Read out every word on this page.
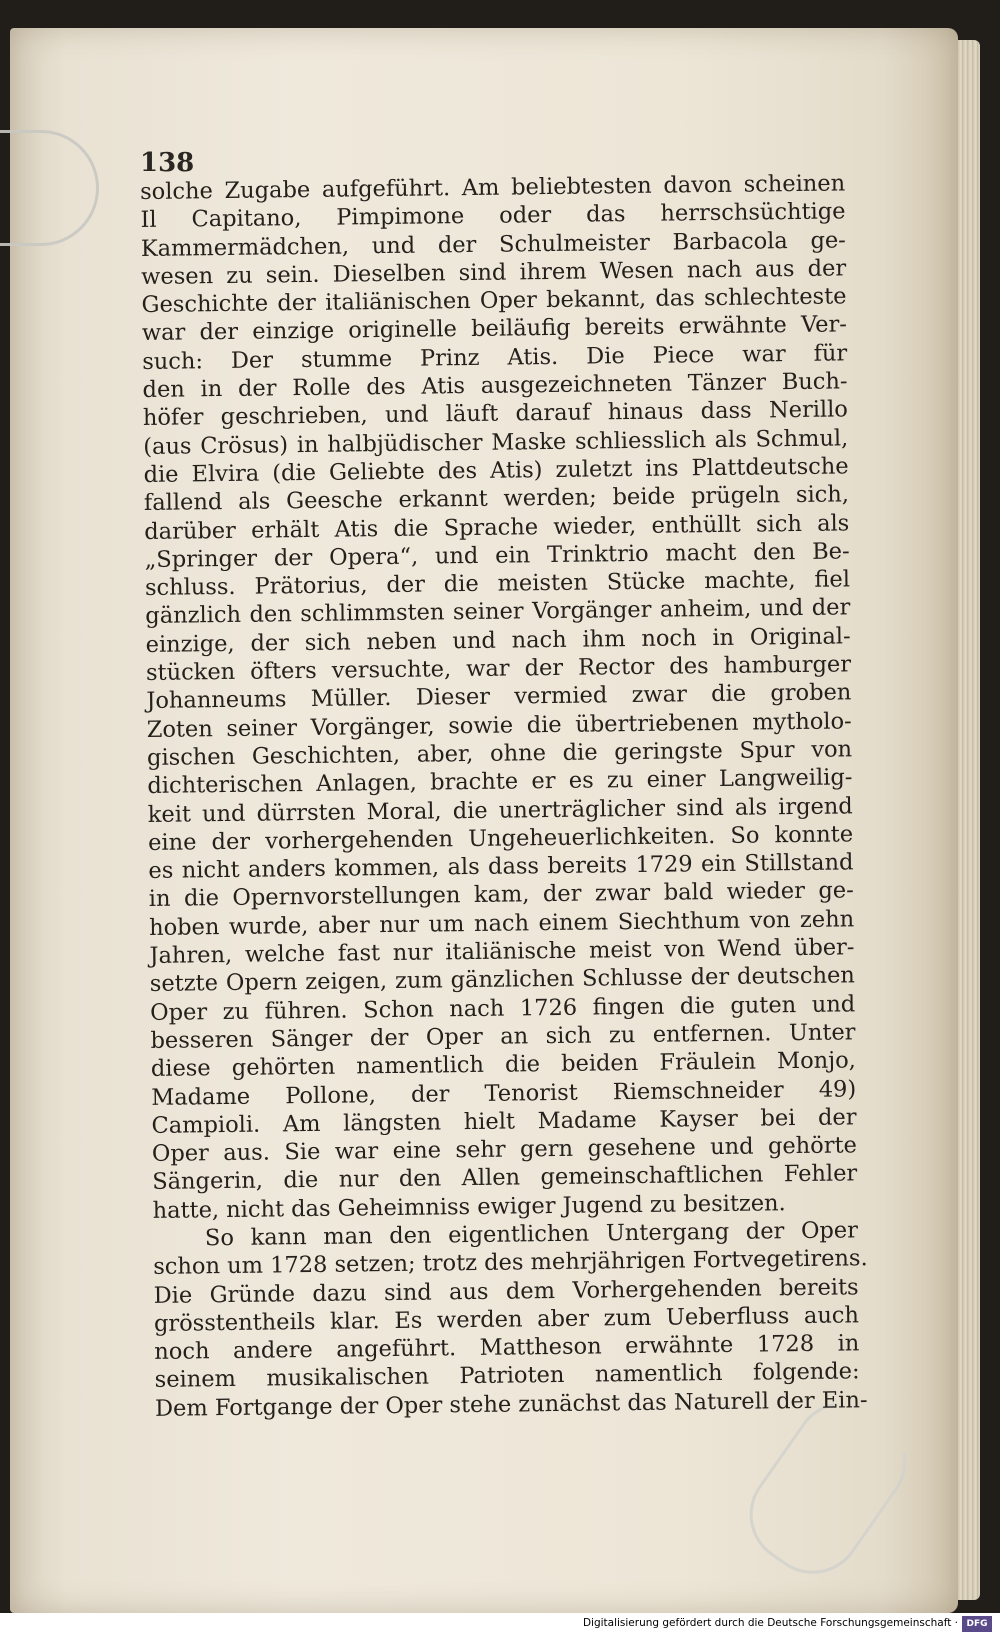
138
solche Zugabe aufgeführt. Am beliebtesten davon scheinen
Il Capitano, Pimpimone oder das herrschsüchtige
Kammermädchen, und der Schulmeister Barbacola ge-
wesen zu sein. Dieselben sind ihrem Wesen nach aus der
Geschichte der italiänischen Oper bekannt, das schlechteste
war der einzige originelle beiläufig bereits erwähnte Ver-
such: Der stumme Prinz Atis. Die Piece war für
den in der Rolle des Atis ausgezeichneten Tänzer Buch-
höfer geschrieben, und läuft darauf hinaus dass Nerillo
(aus Crösus) in halbjüdischer Maske schliesslich als Schmul,
die Elvira (die Geliebte des Atis) zuletzt ins Plattdeutsche
fallend als Geesche erkannt werden; beide prügeln sich,
darüber erhält Atis die Sprache wieder, enthüllt sich als
„Springer der Opera“, und ein Trinktrio macht den Be-
schluss. Prätorius, der die meisten Stücke machte, fiel
gänzlich den schlimmsten seiner Vorgänger anheim, und der
einzige, der sich neben und nach ihm noch in Original-
stücken öfters versuchte, war der Rector des hamburger
Johanneums Müller. Dieser vermied zwar die groben
Zoten seiner Vorgänger, sowie die übertriebenen mytholo-
gischen Geschichten, aber, ohne die geringste Spur von
dichterischen Anlagen, brachte er es zu einer Langweilig-
keit und dürrsten Moral, die unerträglicher sind als irgend
eine der vorhergehenden Ungeheuerlichkeiten. So konnte
es nicht anders kommen, als dass bereits 1729 ein Stillstand
in die Opernvorstellungen kam, der zwar bald wieder ge-
hoben wurde, aber nur um nach einem Siechthum von zehn
Jahren, welche fast nur italiänische meist von Wend über-
setzte Opern zeigen, zum gänzlichen Schlusse der deutschen
Oper zu führen. Schon nach 1726 fingen die guten und
besseren Sänger der Oper an sich zu entfernen. Unter
diese gehörten namentlich die beiden Fräulein Monjo,
Madame Pollone, der Tenorist Riemschneider 49)
Campioli. Am längsten hielt Madame Kayser bei der
Oper aus. Sie war eine sehr gern gesehene und gehörte
Sängerin, die nur den Allen gemeinschaftlichen Fehler
hatte, nicht das Geheimniss ewiger Jugend zu besitzen.
So kann man den eigentlichen Untergang der Oper
schon um 1728 setzen; trotz des mehrjährigen Fortvegetirens.
Die Gründe dazu sind aus dem Vorhergehenden bereits
grösstentheils klar. Es werden aber zum Ueberfluss auch
noch andere angeführt. Mattheson erwähnte 1728 in
seinem musikalischen Patrioten namentlich folgende:
Dem Fortgange der Oper stehe zunächst das Naturell der Ein-
Digitalisierung gefördert durch die Deutsche Forschungsgemeinschaft · DFG
